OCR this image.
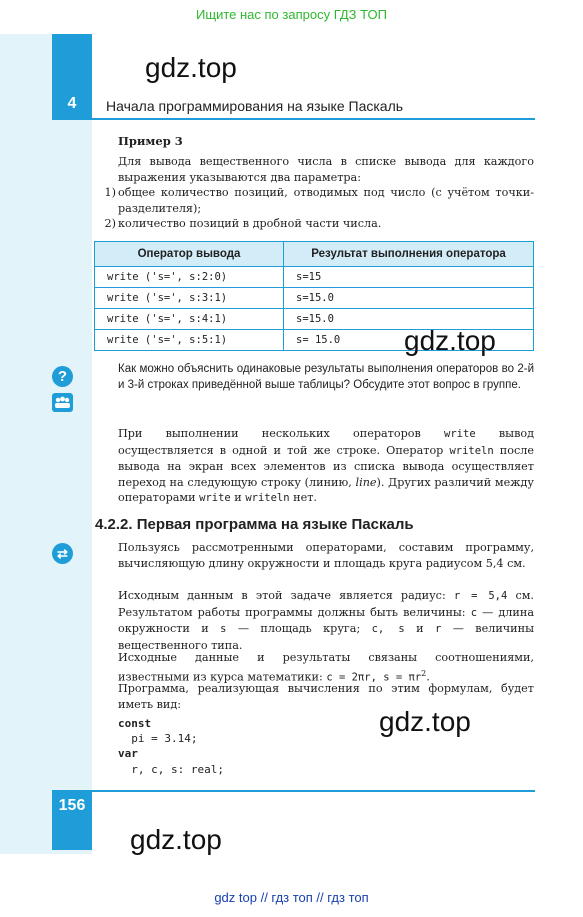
Ищите нас по запросу ГДЗ ТОП
4	Начала программирования на языке Паскаль
gdz.top
Пример 3
Для вывода вещественного числа в списке вывода для каждого выражения указываются два параметра:
1) общее количество позиций, отводимых под число (с учётом точки-разделителя);
2) количество позиций в дробной части числа.
Оператор вывода	Результат выполнения оператора
write ('s=', s:2:0)	s=15
write ('s=', s:3:1)	s=15.0
write ('s=', s:4:1)	s=15.0
write ('s=', s:5:1)	s= 15.0 gdz.top
?	Как можно объяснить одинаковые результаты выполнения операторов во 2-й и 3-й строках приведённой выше таблицы? Обсудите этот вопрос в группе.
При выполнении нескольких операторов write вывод осуществляется в одной и той же строке. Оператор writeln после вывода на экран всех элементов из списка вывода осуществляет переход на следующую строку (линию, line). Других различий между операторами write и writeln нет.
4.2.2. Первая программа на языке Паскаль
⇄	Пользуясь рассмотренными операторами, составим программу, вычисляющую длину окружности и площадь круга радиусом 5,4 см.
Исходным данным в этой задаче является радиус: r = 5,4 см. Результатом работы программы должны быть величины: c — длина окружности и s — площадь круга; c, s и r — величины вещественного типа.
Исходные данные и результаты связаны соотношениями, известными из курса математики: c = 2πr, $s = \pi r^2$.
Программа, реализующая вычисления по этим формулам, будет иметь вид:
gdz.top
const
pi = 3.14;
var
r, c, s: real;
156
gdz.top
gdz top // гдз топ // гдз топ
